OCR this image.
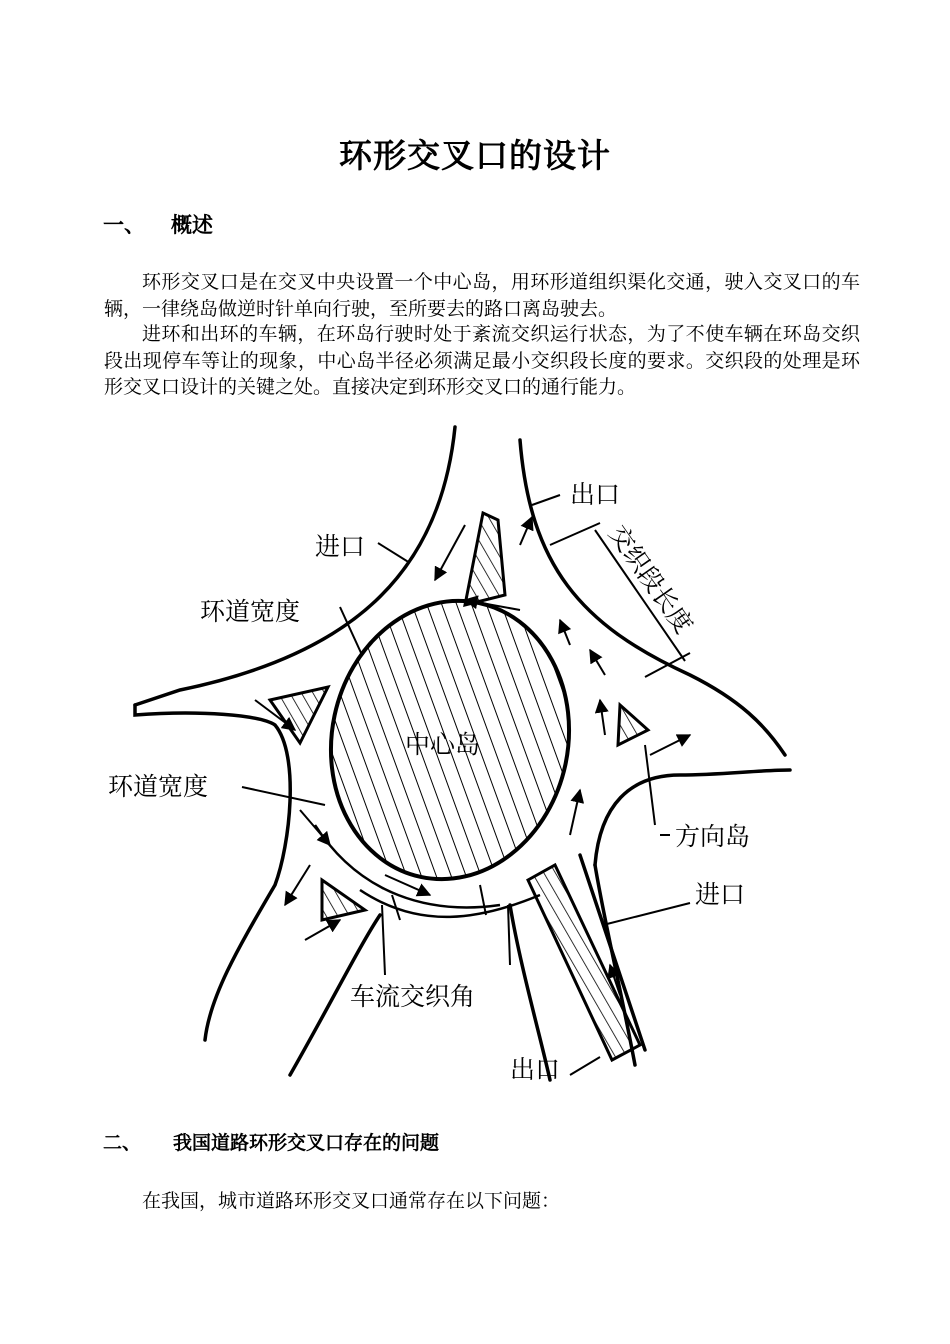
环形交叉口的设计
一、 概述

环形交叉口是在交叉中央设置一个中心岛，用环形道组织渠化交通，驶入交叉口的车辆，一律绕岛做逆时针单向行驶，至所要去的路口离岛驶去。

进环和出环的车辆，在环岛行驶时处于紊流交织运行状态，为了不使车辆在环岛交织段出现停车等让的现象，中心岛半径必须满足最小交织段长度的要求。交织段的处理是环形交叉口设计的关键之处。直接决定到环形交叉口的通行能力。

出口
进口	交织段长度
环道宽度
中心岛
环道宽度
方向岛
进口
车流交织角
出口
二、 我国道路环形交叉口存在的问题

在我国，城市道路环形交叉口通常存在以下问题：
